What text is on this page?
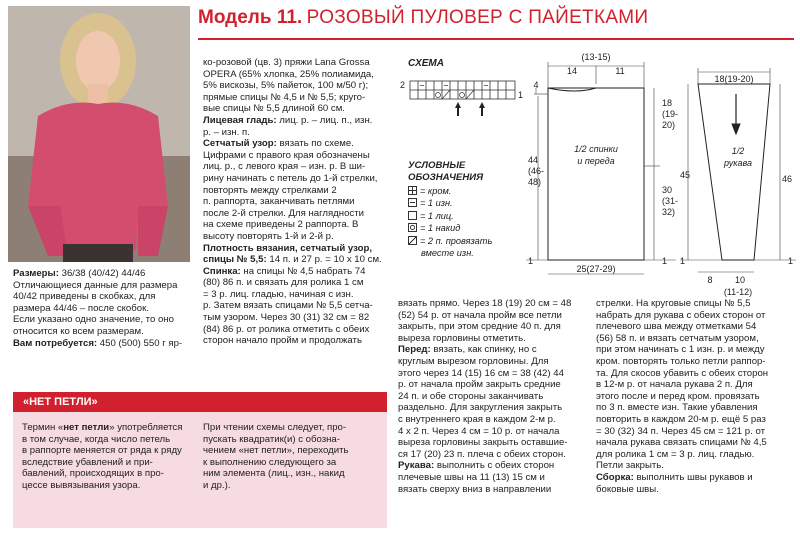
Модель 11. РОЗОВЫЙ ПУЛОВЕР С ПАЙЕТКАМИ
Размеры: 36/38 (40/42) 44/46
Отличающиеся данные для размера
40/42 приведены в скобках, для
размера 44/46 – после скобок.
Если указано одно значение, то оно
относится ко всем размерам.
Вам потребуется: 450 (500) 550 г яр-
ко-розовой (цв. 3) пряжи Lana Grossa
OPERA (65% хлопка, 25% полиамида,
5% вискозы, 5% пайеток, 100 м/50 г);
прямые спицы № 4,5 и № 5,5; круго-
вые спицы № 5,5 длиной 60 см.
Лицевая гладь: лиц. р. – лиц. п., изн.
р. – изн. п.
Сетчатый узор: вязать по схеме.
Цифрами с правого края обозначены
лиц. р., с левого края – изн. р. В ши-
рину начинать с петель до 1-й стрелки,
повторять между стрелками 2
п. раппорта, заканчивать петлями
после 2-й стрелки. Для наглядности
на схеме приведены 2 раппорта. В
высоту повторять 1-й и 2-й р.
Плотность вязания, сетчатый узор,
спицы № 5,5: 14 п. и 27 р. = 10 х 10 см.
Спинка: на спицы № 4,5 набрать 74
(80) 86 п. и связать для ролика 1 см
= 3 р. лиц. гладью, начиная с изн.
р. Затем вязать спицами № 5,5 сетча-
тым узором. Через 30 (31) 32 см = 82
(84) 86 р. от ролика отметить с обеих
сторон начало пройм и продолжать
«НЕТ ПЕТЛИ»
Термин «нет петли» употребляется
в том случае, когда число петель
в раппорте меняется от ряда к ряду
вследствие убавлений и при-
бавлений, происходящих в про-
цессе вывязывания узора.
При чтении схемы следует, про-
пускать квадратик(и) с обозна-
чением «нет петли», переходить
к выполнению следующего за
ним элемента (лиц., изн., накид
и др.).
СХЕМА
2
1
УСЛОВНЫЕ
ОБОЗНАЧЕНИЯ
= кром.
= 1 изн.
= 1 лиц.
= 1 накид
= 2 п. провязать
вместе изн.
(13-15)
14	11
4
18
(19-
20)
44
(46-
48)
30
(31-
32)
1/2 спинки
и переда
25(27-29)
1	1
18(19-20)
1/2
рукава
45	46
8 10
(11-12)
1	1
вязать прямо. Через 18 (19) 20 см = 48
(52) 54 р. от начала пройм все петли
закрыть, при этом средние 40 п. для
выреза горловины отметить.
Перед: вязать, как спинку, но с
круглым вырезом горловины. Для
этого через 14 (15) 16 см = 38 (42) 44
р. от начала пройм закрыть средние
24 п. и обе стороны заканчивать
раздельно. Для закругления закрыть
с внутреннего края в каждом 2-м р.
4 х 2 п. Через 4 см = 10 р. от начала
выреза горловины закрыть оставшие-
ся 17 (20) 23 п. плеча с обеих сторон.
Рукава: выполнить с обеих сторон
плечевые швы на 11 (13) 15 см и
вязать сверху вниз в направлении
стрелки. На круговые спицы № 5,5
набрать для рукава с обеих сторон от
плечевого шва между отметками 54
(56) 58 п. и вязать сетчатым узором,
при этом начинать с 1 изн. р. и между
кром. повторять только петли раппор-
та. Для скосов убавить с обеих сторон
в 12-м р. от начала рукава 2 п. Для
этого после и перед кром. провязать
по 3 п. вместе изн. Такие убавления
повторить в каждом 20-м р. ещё 5 раз
= 30 (32) 34 п. Через 45 см = 121 р. от
начала рукава связать спицами № 4,5
для ролика 1 см = 3 р. лиц. гладью.
Петли закрыть.
Сборка: выполнить швы рукавов и
боковые швы.
